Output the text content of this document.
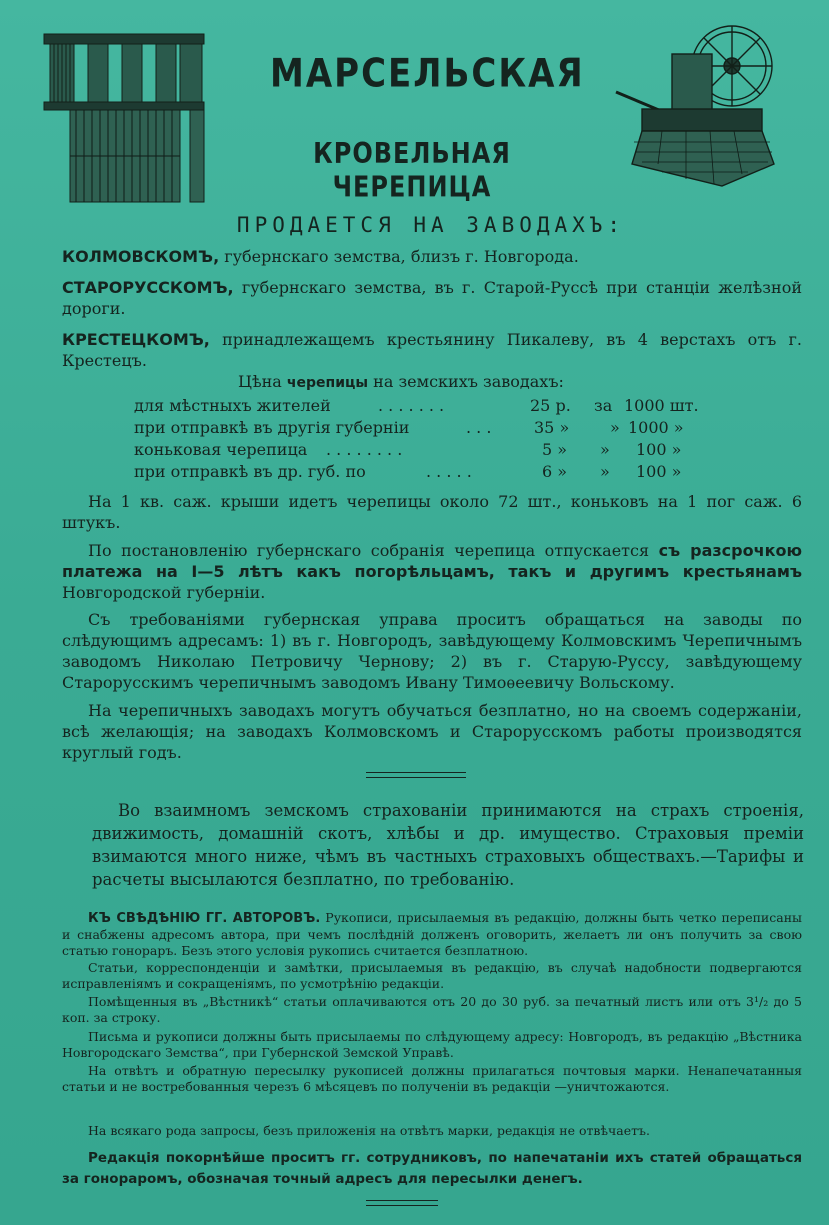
МАРСЕЛЬСКАЯ
КРОВЕЛЬНАЯ ЧЕРЕПИЦА
ПРОДАЕТСЯ НА ЗАВОДАХЪ:
КОЛМОВСКОМЪ, губернскаго земства, близъ г. Новгорода.
СТАРОРУССКОМЪ, губернскаго земства, въ г. Старой-Руссѣ при станціи желѣзной дороги.
КРЕСТЕЦКОМЪ, принадлежащемъ крестьянину Пикалеву, въ 4 верстахъ отъ г. Крестецъ.
Цѣна черепицы на земскихъ заводахъ:
для мѣстныхъ жителей	. . . . . . .	25 р. за 1000 шт.
при отправкѣ въ другія губерніи	. . .	35 »	» 1000 »
коньковая черепица . . . . . . . .	5 » » 100 »
при отправкѣ въ др. губ. по	. . . . .	6 » » 100 »
На 1 кв. саж. крыши идетъ черепицы около 72 шт., коньковъ на 1 пог саж. 6 штукъ.
По постановленію губернскаго собранія черепица отпускается съ разсрочкою платежа на I—5 лѣтъ какъ погорѣльцамъ, такъ и другимъ крестьянамъ Новгородской губерніи.
Съ требованіями губернская управа проситъ обращаться на заводы по слѣдующимъ адресамъ: 1) въ г. Новгородъ, завѣдующему Колмовскимъ Черепичнымъ заводомъ Николаю Петровичу Чернову; 2) въ г. Старую-Руссу, завѣдующему Старорусскимъ черепичнымъ заводомъ Ивану Тимоѳеевичу Вольскому.
На черепичныхъ заводахъ могутъ обучаться безплатно, но на своемъ содержаніи, всѣ желающія; на заводахъ Колмовскомъ и Старорусскомъ работы производятся круглый годъ.
Во взаимномъ земскомъ страхованіи принимаются на страхъ строенія, движимость, домашній скотъ, хлѣбы и др. имущество. Страховыя преміи взимаются много ниже, чѣмъ въ частныхъ страховыхъ обществахъ.—Тарифы и расчеты высылаются безплатно, по требованію.
КЪ СВѢДѢНІЮ ГГ. АВТОРОВЪ. Рукописи, присылаемыя въ редакцію, должны быть четко переписаны и снабжены адресомъ автора, при чемъ послѣдній долженъ оговорить, желаетъ ли онъ получить за свою статью гонораръ. Безъ этого условія рукопись считается безплатною.
Статьи, корреспонденціи и замѣтки, присылаемыя въ редакцію, въ случаѣ надобности подвергаются исправленіямъ и сокращеніямъ, по усмотрѣнію редакціи.
Помѣщенныя въ „Вѣстникѣ“ статьи оплачиваются отъ 20 до 30 руб. за печатный листъ или отъ 3¹/₂ до 5 коп. за строку.
Письма и рукописи должны быть присылаемы по слѣдующему адресу: Новгородъ, въ редакцію „Вѣстника Новгородскаго Земства“, при Губернской Земской Управѣ.
На отвѣтъ и обратную пересылку рукописей должны прилагаться почтовыя марки. Ненапечатанныя статьи и не востребованныя черезъ 6 мѣсяцевъ по полученіи въ редакціи —уничтожаются.
На всякаго рода запросы, безъ приложенія на отвѣтъ марки, редакція не отвѣчаетъ.
Редакція покорнѣйше проситъ гг. сотрудниковъ, по напечатаніи ихъ статей обращаться за гонораромъ, обозначая точный адресъ для пересылки денегъ.
